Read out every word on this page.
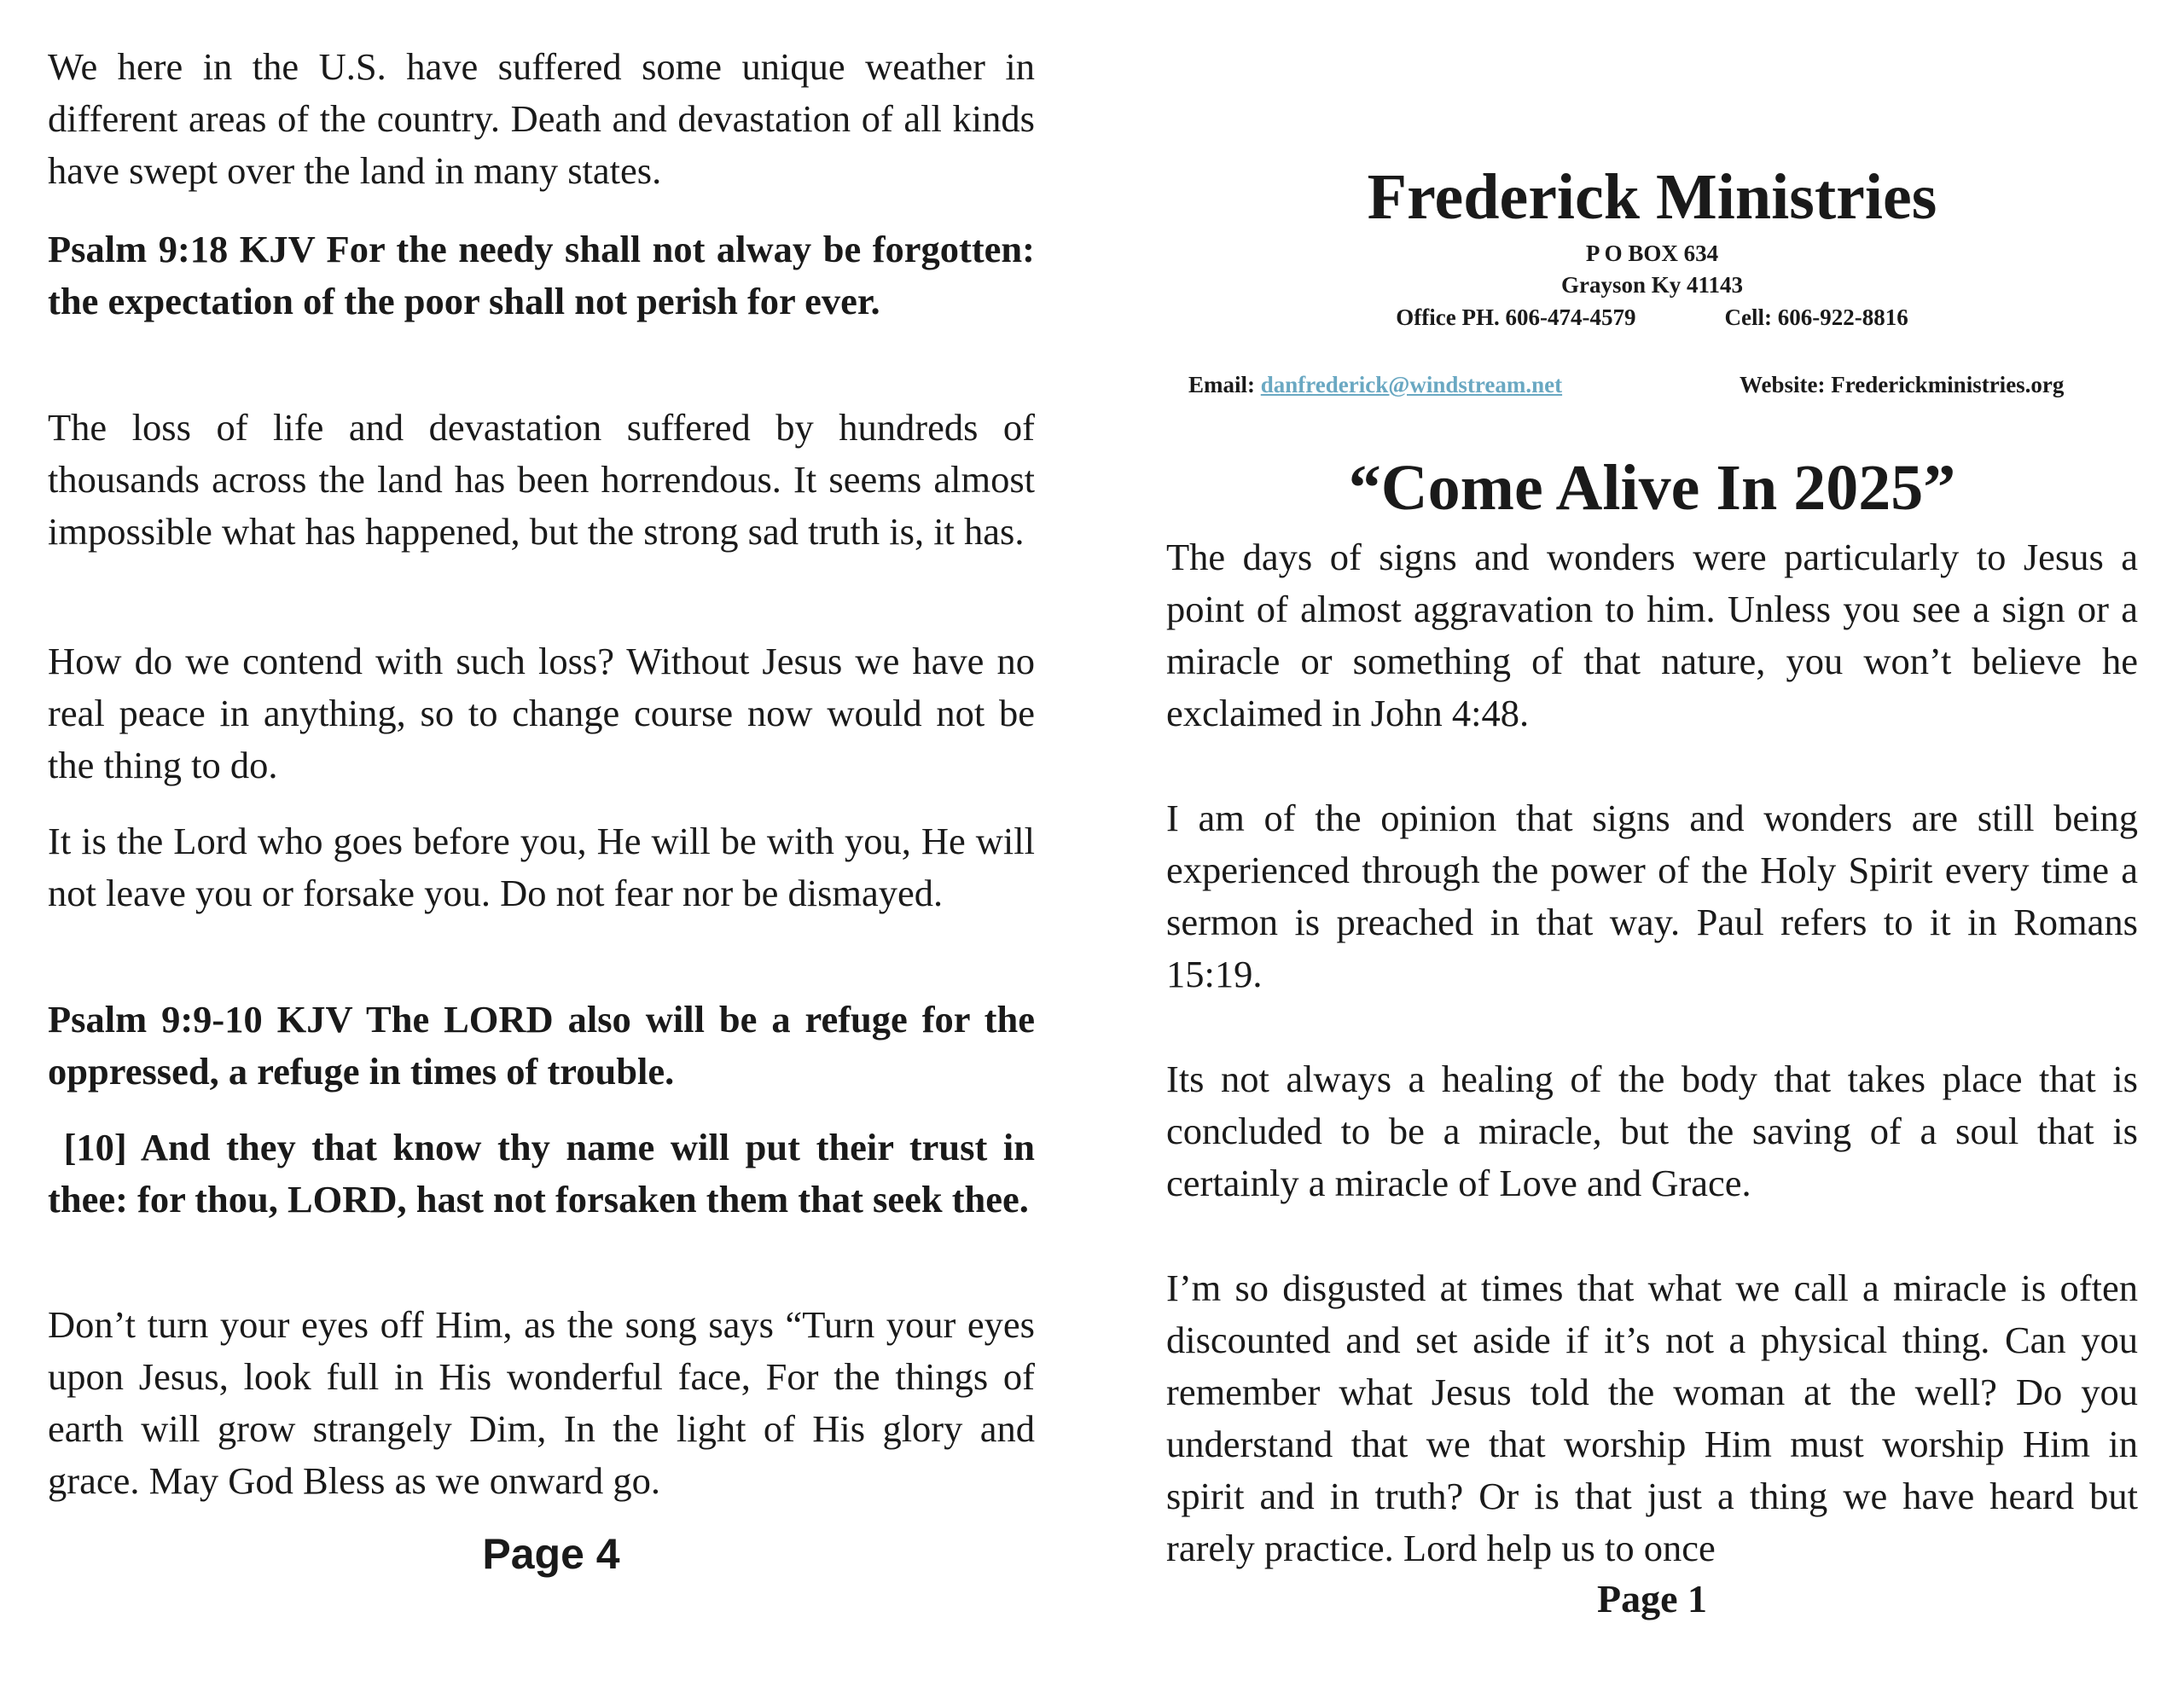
We here in the U.S. have suffered some unique weather in different areas of the country. Death and devastation of all kinds have swept over the land in many states.

Psalm 9:18 KJV For the needy shall not alway be forgotten: the expectation of the poor shall not perish for ever.

The loss of life and devastation suffered by hundreds of thousands across the land has been horrendous. It seems almost impossible what has happened, but the strong sad truth is, it has.

How do we contend with such loss? Without Jesus we have no real peace in anything, so to change course now would not be the thing to do.

It is the Lord who goes before you, He will be with you, He will not leave you or forsake you. Do not fear nor be dismayed.

Psalm 9:9-10 KJV The LORD also will be a refuge for the oppressed, a refuge in times of trouble.

[10] And they that know thy name will put their trust in thee: for thou, LORD, hast not forsaken them that seek thee.

Don’t turn your eyes off Him, as the song says “Turn your eyes upon Jesus, look full in His wonderful face, For the things of earth will grow strangely Dim, In the light of His glory and grace. May God Bless as we onward go.

Page 4
Frederick Ministries
P O BOX 634
Grayson Ky 41143
Office PH. 606-474-4579	Cell: 606-922-8816
Email: danfrederick@windstream.net	Website: Frederickministries.org
“Come Alive In 2025”

The days of signs and wonders were particularly to Jesus a point of almost aggravation to him. Unless you see a sign or a miracle or something of that nature, you won’t believe he exclaimed in John 4:48.

I am of the opinion that signs and wonders are still being experienced through the power of the Holy Spirit every time a sermon is preached in that way. Paul refers to it in Romans 15:19.

Its not always a healing of the body that takes place that is concluded to be a miracle, but the saving of a soul that is certainly a miracle of Love and Grace.

I’m so disgusted at times that what we call a miracle is often discounted and set aside if it’s not a physical thing. Can you remember what Jesus told the woman at the well? Do you understand that we that worship Him must worship Him in spirit and in truth? Or is that just a thing we have heard but rarely practice. Lord help us to once

Page 1
